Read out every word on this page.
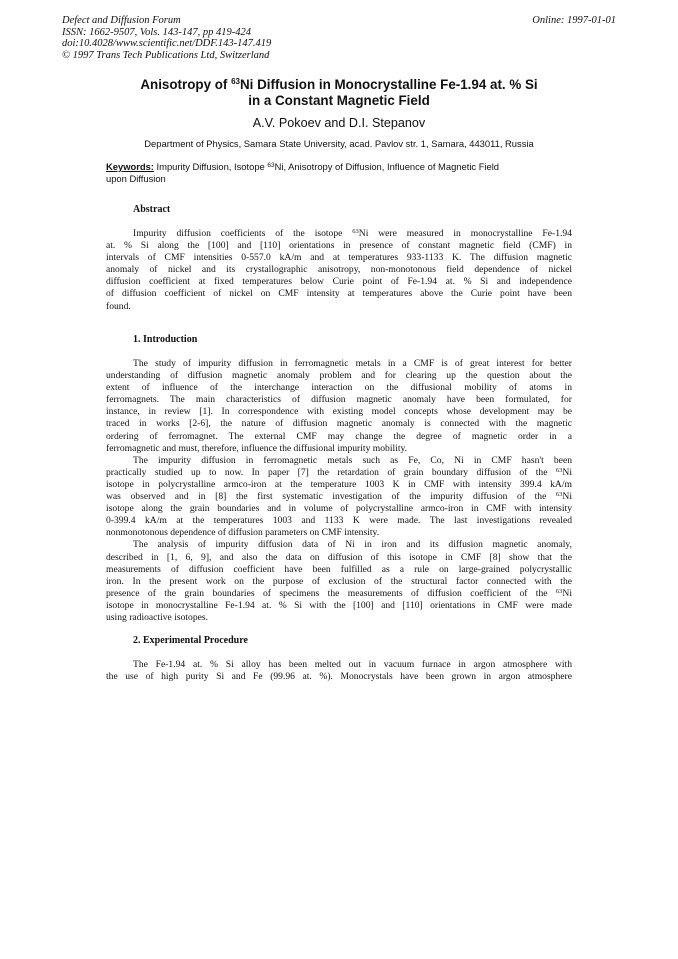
Defect and Diffusion Forum
ISSN: 1662-9507, Vols. 143-147, pp 419-424
doi:10.4028/www.scientific.net/DDF.143-147.419
© 1997 Trans Tech Publications Ltd, Switzerland
Online: 1997-01-01
Anisotropy of $^{63}$Ni Diffusion in Monocrystalline Fe-1.94 at. % Si
in a Constant Magnetic Field
A.V. Pokoev and D.I. Stepanov
Department of Physics, Samara State University, acad. Pavlov str. 1, Samara, 443011, Russia
Keywords: Impurity Diffusion, Isotope $^{63}$Ni, Anisotropy of Diffusion, Influence of Magnetic Field
upon Diffusion
Abstract
Impurity diffusion coefficients of the isotope $^{63}$Ni were measured in monocrystalline Fe-1.94
at. % Si along the [100] and [110] orientations in presence of constant magnetic field (CMF) in
intervals of CMF intensities 0-557.0 kA/m and at temperatures 933-1133 K. The diffusion magnetic
anomaly of nickel and its crystallographic anisotropy, non-monotonous field dependence of nickel
diffusion coefficient at fixed temperatures below Curie point of Fe-1.94 at. % Si and independence
of diffusion coefficient of nickel on CMF intensity at temperatures above the Curie point have been
found.
1. Introduction
The study of impurity diffusion in ferromagnetic metals in a CMF is of great interest for better
understanding of diffusion magnetic anomaly problem and for clearing up the question about the
extent of influence of the interchange interaction on the diffusional mobility of atoms in
ferromagnets. The main characteristics of diffusion magnetic anomaly have been formulated, for
instance, in review [1]. In correspondence with existing model concepts whose development may be
traced in works [2-6], the nature of diffusion magnetic anomaly is connected with the magnetic
ordering of ferromagnet. The external CMF may change the degree of magnetic order in a
ferromagnetic and must, therefore, influence the diffusional impurity mobility.
The impurity diffusion in ferromagnetic metals such as Fe, Co, Ni in CMF hasn't been
practically studied up to now. In paper [7] the retardation of grain boundary diffusion of the $^{63}$Ni
isotope in polycrystalline armco-iron at the temperature 1003 K in CMF with intensity 399.4 kA/m
was observed and in [8] the first systematic investigation of the impurity diffusion of the $^{63}$Ni
isotope along the grain boundaries and in volume of polycrystalline armco-iron in CMF with intensity
0-399.4 kA/m at the temperatures 1003 and 1133 K were made. The last investigations revealed
nonmonotonous dependence of diffusion parameters on CMF intensity.
The analysis of impurity diffusion data of Ni in iron and its diffusion magnetic anomaly,
described in [1, 6, 9], and also the data on diffusion of this isotope in CMF [8] show that the
measurements of diffusion coefficient have been fulfilled as a rule on large-grained polycrystallic
iron. In the present work on the purpose of exclusion of the structural factor connected with the
presence of the grain boundaries of specimens the measurements of diffusion coefficient of the $^{63}$Ni
isotope in monocrystalline Fe-1.94 at. % Si with the [100] and [110] orientations in CMF were made
using radioactive isotopes.
2. Experimental Procedure
The Fe-1.94 at. % Si alloy has been melted out in vacuum furnace in argon atmosphere with
the use of high purity Si and Fe (99.96 at. %). Monocrystals have been grown in argon atmosphere
